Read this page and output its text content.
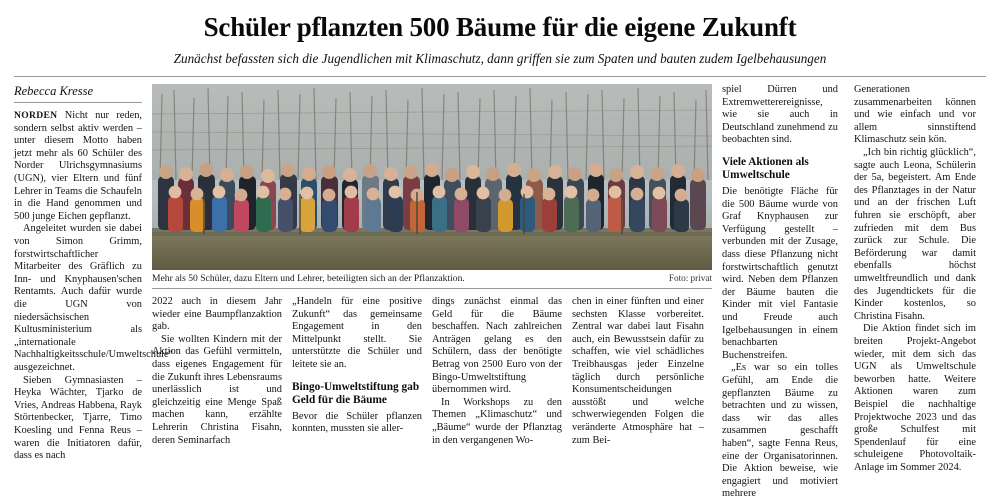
Schüler pflanzten 500 Bäume für die eigene Zukunft
Zunächst befassten sich die Jugendlichen mit Klimaschutz, dann griffen sie zum Spaten und bauten zudem Igelbehausungen
Rebecca Kresse

NORDEN Nicht nur reden, sondern selbst aktiv werden – unter diesem Motto haben jetzt mehr als 60 Schüler des Norder Ulrichsgymnasiums (UGN), vier Eltern und fünf Lehrer in Teams die Schaufeln in die Hand genommen und 500 junge Eichen gepflanzt.

Angeleitet wurden sie dabei von Simon Grimm, forstwirtschaftlicher Mitarbeiter des Gräflich zu Inn- und Knyphausen'schen Rentamts. Auch dafür wurde die UGN von niedersächsischen Kultusministerium als „internationale Nachhaltigkeitsschule/Umweltschule“ ausgezeichnet.

Sieben Gymnasiasten – Heyka Wächter, Tjarko de Vries, Andreas Habbena, Rayk Störtenbecker, Tjarre, Timo Koesling und Fenna Reus – waren die Initiatoren dafür, dass es nach

Mehr als 50 Schüler, dazu Eltern und Lehrer, beteiligten sich an der Pflanzaktion.	Foto: privat

2022 auch in diesem Jahr wieder eine Baumpflanzaktion gab.

Sie wollten Kindern mit der Aktion das Gefühl vermitteln, dass eigenes Engagement für die Zukunft ihres Lebensraums unerlässlich ist und gleichzeitig eine Menge Spaß machen kann, erzählte Lehrerin Christina Fisahn, deren Seminarfach

„Handeln für eine positive Zukunft“ das gemeinsame Engagement in den Mittelpunkt stellt. Sie unterstützte die Schüler und leitete sie an.

Bingo-Umweltstiftung gab Geld für die Bäume

Bevor die Schüler pflanzen konnten, mussten sie aller-

dings zunächst einmal das Geld für die Bäume beschaffen. Nach zahlreichen Anträgen gelang es den Schülern, dass der benötigte Betrag von 2500 Euro von der Bingo-Umweltstiftung übernommen wird.

In Workshops zu den Themen „Klimaschutz“ und „Bäume“ wurde der Pflanztag in den vergangenen Wo-

chen in einer fünften und einer sechsten Klasse vorbereitet. Zentral war dabei laut Fisahn auch, ein Bewusstsein dafür zu schaffen, wie viel schädliches Treibhausgas jeder Einzelne täglich durch persönliche Konsumentscheidungen ausstößt und welche schwerwiegenden Folgen die veränderte Atmosphäre hat – zum Bei-

spiel Dürren und Extremwetterereignisse, wie sie auch in Deutschland zunehmend zu beobachten sind.

Viele Aktionen als Umweltschule

Die benötigte Fläche für die 500 Bäume wurde von Graf Knyphausen zur Verfügung gestellt – verbunden mit der Zusage, dass diese Pflanzung nicht forstwirtschaftlich genutzt wird. Neben dem Pflanzen der Bäume bauten die Kinder mit viel Fantasie und Freude auch Igelbehausungen in einem benachbarten Buchenstreifen.

„Es war so ein tolles Gefühl, am Ende die gepflanzten Bäume zu betrachten und zu wissen, dass wir das alles zusammen geschafft haben“, sagte Fenna Reus, eine der Organisatorinnen. Die Aktion beweise, wie engagiert und motiviert mehrere

Generationen zusammenarbeiten können und wie einfach und vor allem sinnstiftend Klimaschutz sein kön.

„Ich bin richtig glücklich“, sagte auch Leona, Schülerin der 5a, begeistert. Am Ende des Pflanztages in der Natur und an der frischen Luft fuhren sie erschöpft, aber zufrieden mit dem Bus zurück zur Schule. Die Beförderung war damit ebenfalls höchst umweltfreundlich und dank des Jugendtickets für die Kinder kostenlos, so Christina Fisahn.

Die Aktion findet sich im breiten Projekt-Angebot wieder, mit dem sich das UGN als Umweltschule beworben hatte. Weitere Aktionen waren zum Beispiel die nachhaltige Projektwoche 2023 und das große Schulfest mit Spendenlauf für eine schuleigene Photovoltaik-Anlage im Sommer 2024.
